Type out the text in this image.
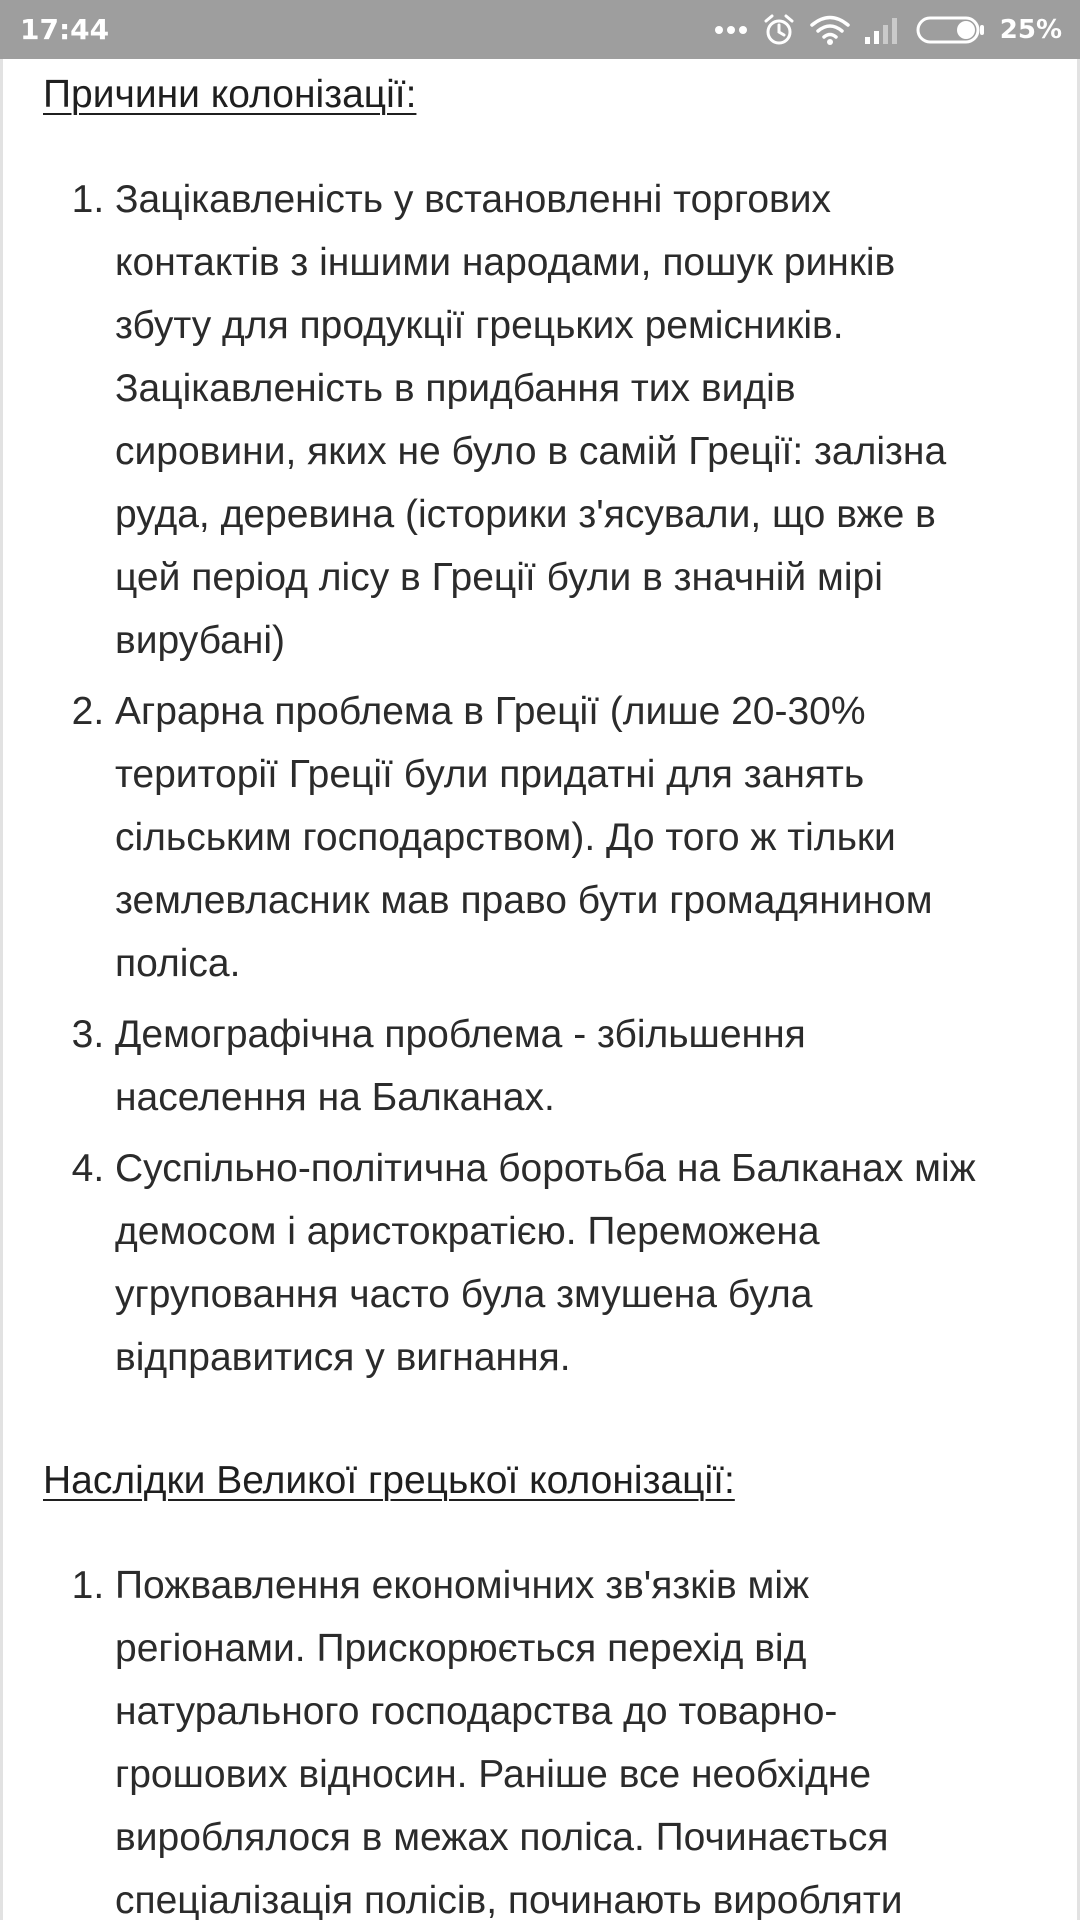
17:44	25%
Причини колонізації:
1. Зацікавленість у встановленні торгових контактів з іншими народами, пошук ринків збуту для продукції грецьких ремісників. Зацікавленість в придбання тих видів сировини, яких не було в самій Греції: залізна руда, деревина (історики з'ясували, що вже в цей період лісу в Греції були в значній мірі вирубані)
2. Аграрна проблема в Греції (лише 20-30% території Греції були придатні для занять сільським господарством). До того ж тільки землевласник мав право бути громадянином поліса.
3. Демографічна проблема - збільшення населення на Балканах.
4. Суспільно-політична боротьба на Балканах між демосом і аристократією. Переможена угруповання часто була змушена була відправитися у вигнання.
Наслідки Великої грецької колонізації:
1. Пожвавлення економічних зв'язків між регіонами. Прискорюється перехід від натурального господарства до товарно-грошових відносин. Раніше все необхідне вироблялося в межах поліса. Починається спеціалізація полісів, починають виробляти
